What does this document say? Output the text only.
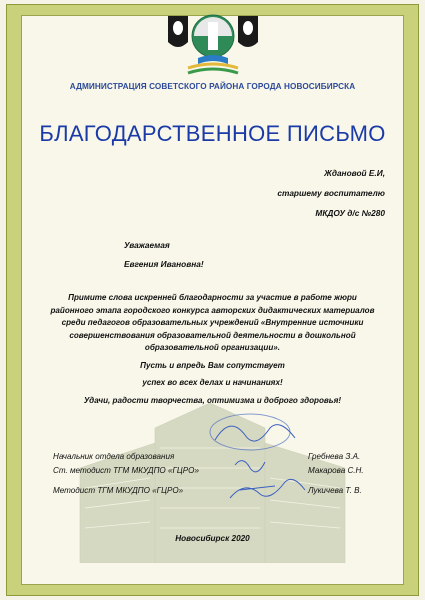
АДМИНИСТРАЦИЯ СОВЕТСКОГО РАЙОНА ГОРОДА НОВОСИБИРСКА
БЛАГОДАРСТВЕННОЕ ПИСЬМО
Ждановой Е.И,
старшему воспитателю
МКДОУ д/с №280
Уважаемая
Евгения Ивановна!
Примите слова искренней благодарности за участие в работе жюри районного этапа городского конкурса авторских дидактических материалов среди педагогов образовательных учреждений «Внутренние источники совершенствования образовательной деятельности в дошкольной образовательной организации».
Пусть и впредь Вам сопутствует
успех во всех делах и начинаниях!
Удачи, радости творчества, оптимизма и доброго здоровья!
Начальник отдела образования	Гребнева З.А.
Ст. методист ТГМ МКУДПО «ГЦРО»	Макарова С.Н.
Методист ТГМ МКУДПО «ГЦРО»	Лукичева Т. В.
Новосибирск 2020
